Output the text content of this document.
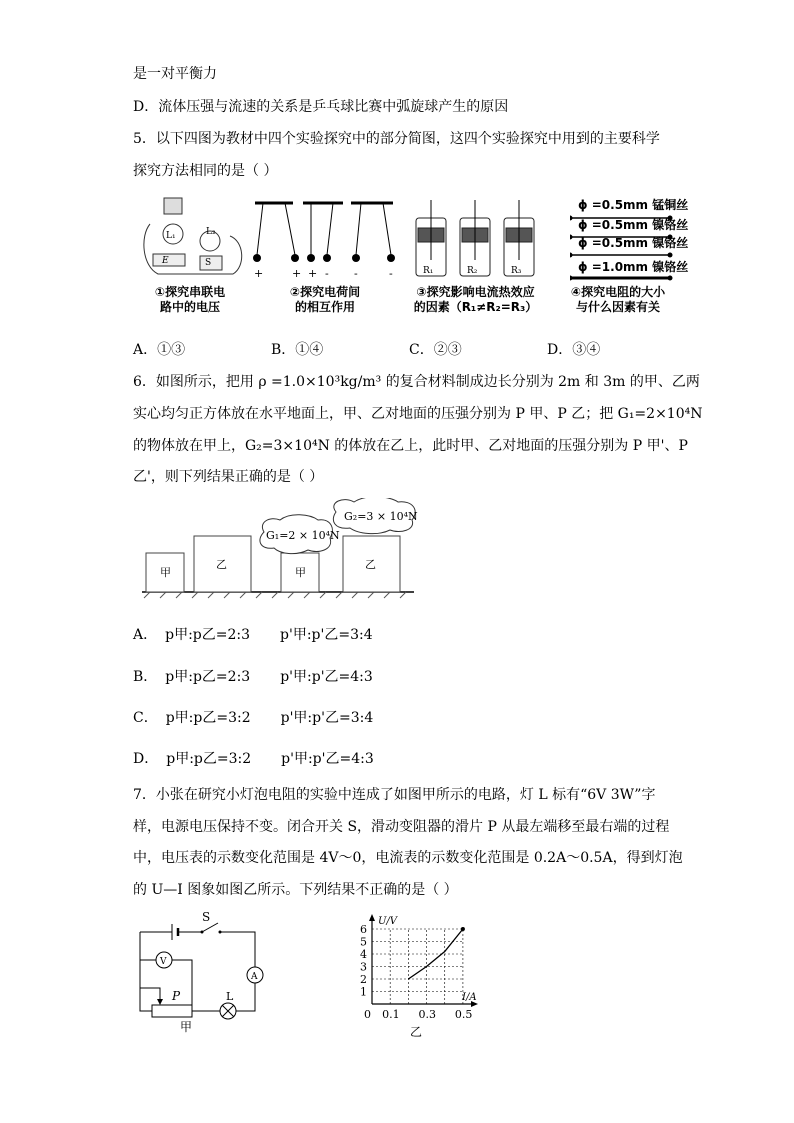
是一对平衡力
D．流体压强与流速的关系是乒乓球比赛中弧旋球产生的原因
5．以下四图为教材中四个实验探究中的部分简图，这四个实验探究中用到的主要科学
探究方法相同的是（ ）
L₁	L₂
E	S
①探究串联电
路中的电压
+	+ + - -	-
②探究电荷间
的相互作用
R₁	R₂	R₃
③探究影响电流热效应
的因素（R₁≠R₂=R₃）
ϕ =0.5mm 锰铜丝
ϕ =0.5mm 镍铬丝
ϕ =0.5mm 镍铬丝
ϕ =1.0mm 镍铬丝
④探究电阻的大小
与什么因素有关
A．①③	B．①④	C．②③	D．③④
6．如图所示，把用 ρ =1.0×10³kg/m³ 的复合材料制成边长分别为 2m 和 3m 的甲、乙两
实心均匀正方体放在水平地面上，甲、乙对地面的压强分别为 P 甲、P 乙；把 G₁=2×10⁴N
的物体放在甲上，G₂=3×10⁴N 的体放在乙上，此时甲、乙对地面的压强分别为 P 甲'、P
乙'，则下列结果正确的是（ ）
甲
乙
甲
乙
G₁=2 × 10⁴N
G₂=3 × 10⁴N
A． p甲:p乙=2:3 p'甲:p'乙=3:4
B． p甲:p乙=2:3 p'甲:p'乙=4:3
C． p甲:p乙=3:2 p'甲:p'乙=3:4
D． p甲:p乙=3:2 p'甲:p'乙=4:3
7．小张在研究小灯泡电阻的实验中连成了如图甲所示的电路，灯 L 标有“6V 3W”字
样，电源电压保持不变。闭合开关 S，滑动变阻器的滑片 P 从最左端移至最右端的过程
中，电压表的示数变化范围是 4V～0，电流表的示数变化范围是 0.2A～0.5A，得到灯泡
的 U—I 图象如图乙所示。下列结果不正确的是（ ）
S
V
A
P	L
甲
U/V
I/A
6
5
4
3
2
1
0 0.1 0.3 0.5
乙
